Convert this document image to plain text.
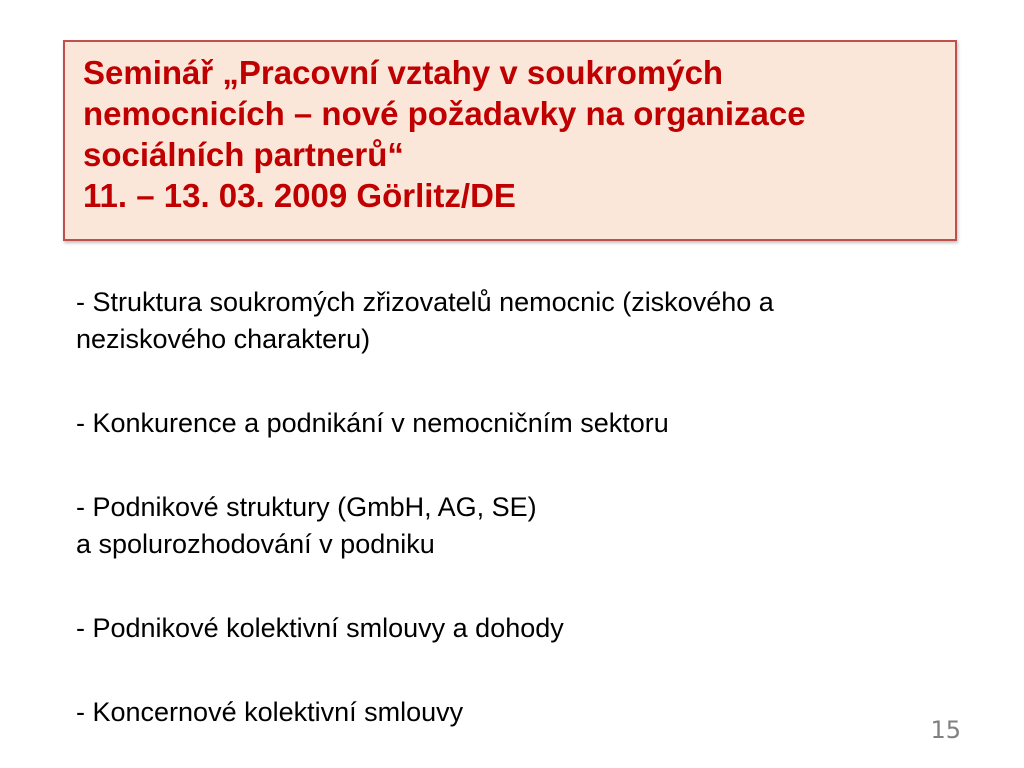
Seminář „Pracovní vztahy v soukromých
nemocnicích – nové požadavky na organizace
sociálních partnerů“
11. – 13. 03. 2009 Görlitz/DE
- Struktura soukromých zřizovatelů nemocnic (ziskového a
neziskového charakteru)
- Konkurence a podnikání v nemocničním sektoru
- Podnikové struktury (GmbH, AG, SE)
a spolurozhodování v podniku
- Podnikové kolektivní smlouvy a dohody
- Koncernové kolektivní smlouvy
15
